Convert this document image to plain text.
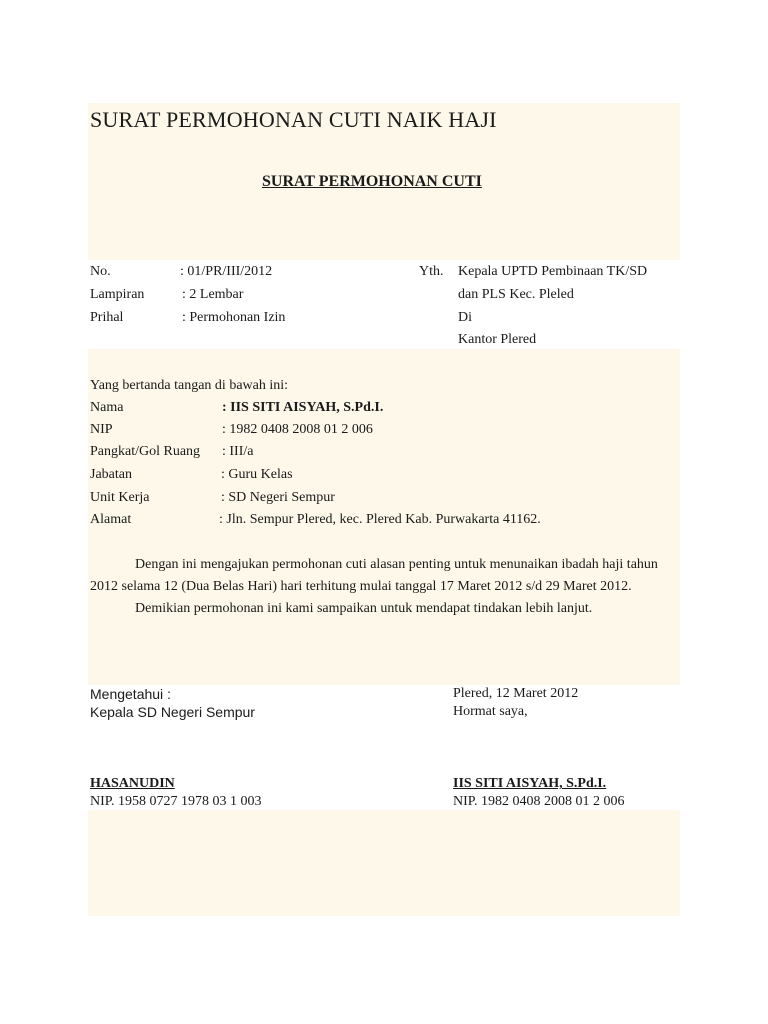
SURAT PERMOHONAN CUTI NAIK HAJI
SURAT PERMOHONAN CUTI
No.	: 01/PR/III/2012
Lampiran	: 2 Lembar
Prihal	: Permohonan Izin
Yth. Kepala UPTD Pembinaan TK/SD
dan PLS Kec. Pleled
Di
Kantor Plered
Yang bertanda tangan di bawah ini:
Nama	: IIS SITI AISYAH, S.Pd.I.
NIP	: 1982 0408 2008 01 2 006
Pangkat/Gol Ruang : III/a
Jabatan	: Guru Kelas
Unit Kerja	: SD Negeri Sempur
Alamat	: Jln. Sempur Plered, kec. Plered Kab. Purwakarta 41162.
Dengan ini mengajukan permohonan cuti alasan penting untuk menunaikan ibadah haji tahun
2012 selama 12 (Dua Belas Hari) hari terhitung mulai tanggal 17 Maret 2012 s/d 29 Maret 2012.
Demikian permohonan ini kami sampaikan untuk mendapat tindakan lebih lanjut.
Mengetahui :
Kepala SD Negeri Sempur
HASANUDIN
NIP. 1958 0727 1978 03 1 003
Plered, 12 Maret 2012
Hormat saya,
IIS SITI AISYAH, S.Pd.I.
NIP. 1982 0408 2008 01 2 006
